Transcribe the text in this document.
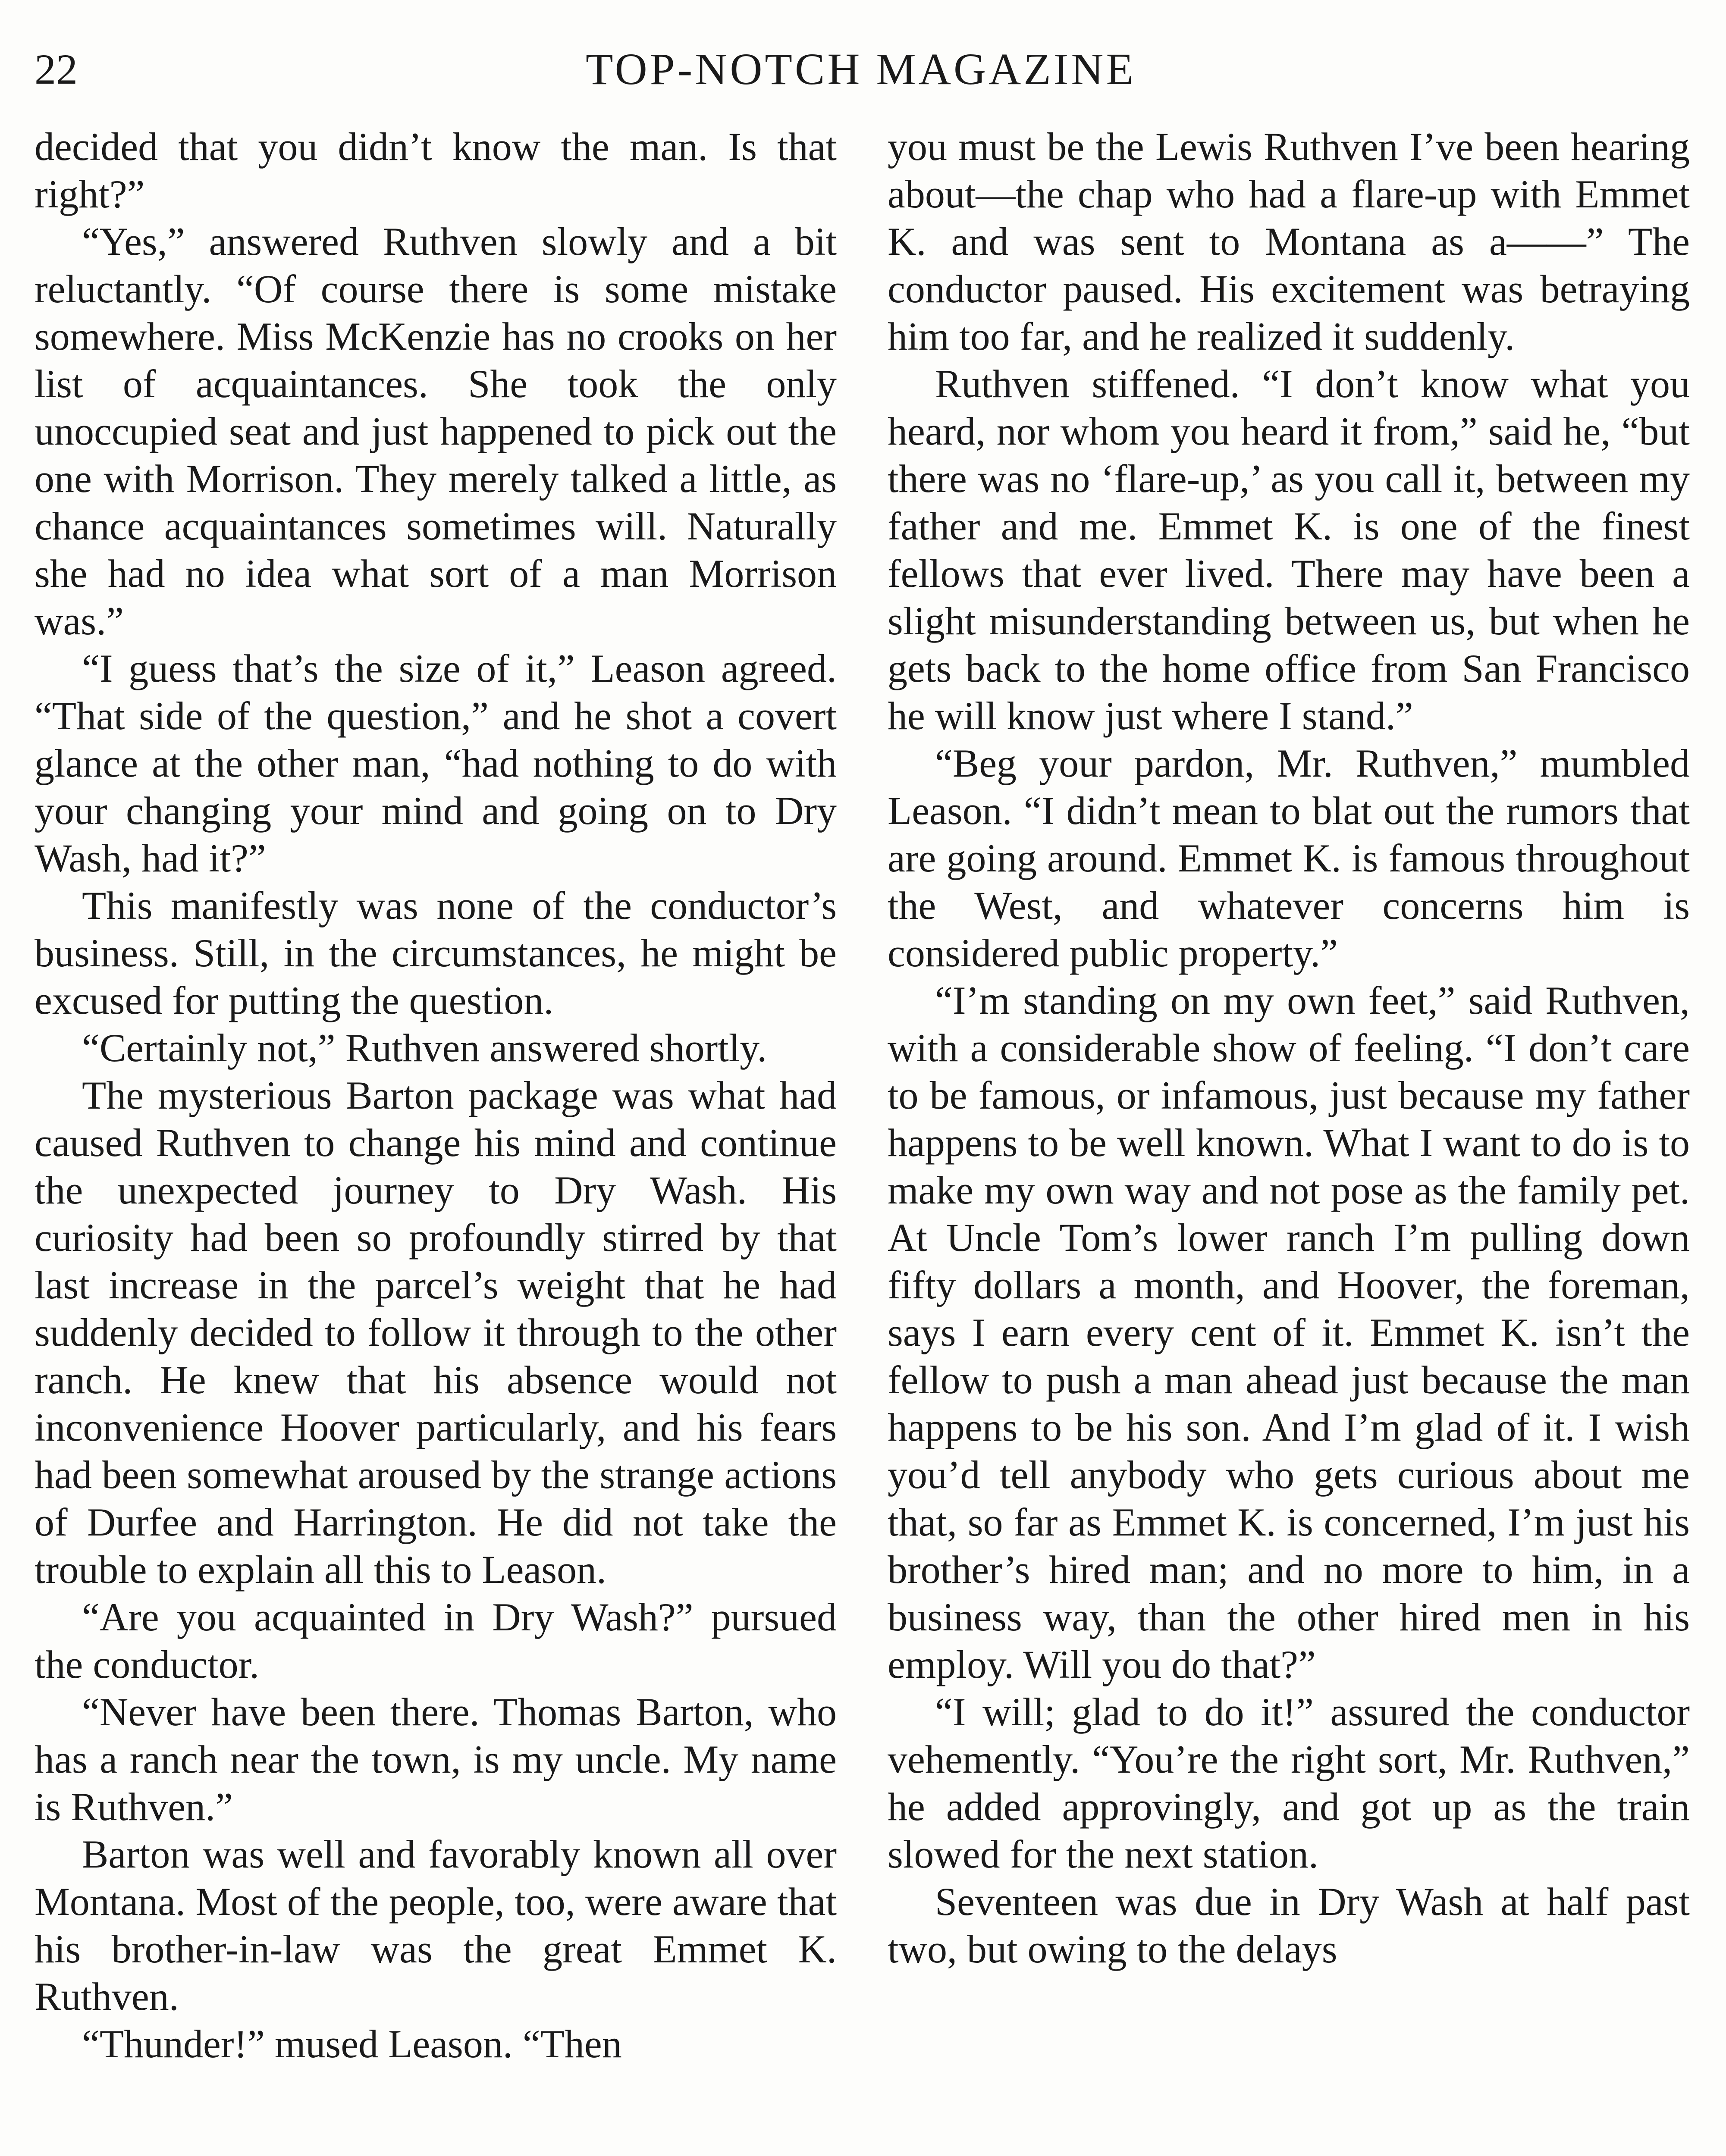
22	TOP-NOTCH MAGAZINE

decided that you didn’t know the man. Is that right?”

“Yes,” answered Ruthven slowly and a bit reluctantly. “Of course there is some mistake somewhere. Miss McKenzie has no crooks on her list of acquaintances. She took the only unoccupied seat and just happened to pick out the one with Morrison. They merely talked a little, as chance acquaintances sometimes will. Naturally she had no idea what sort of a man Morrison was.”

“I guess that’s the size of it,” Leason agreed. “That side of the question,” and he shot a covert glance at the other man, “had nothing to do with your changing your mind and going on to Dry Wash, had it?”

This manifestly was none of the conductor’s business. Still, in the circumstances, he might be excused for putting the question.

“Certainly not,” Ruthven answered shortly.

The mysterious Barton package was what had caused Ruthven to change his mind and continue the unexpected journey to Dry Wash. His curiosity had been so profoundly stirred by that last increase in the parcel’s weight that he had suddenly decided to follow it through to the other ranch. He knew that his absence would not inconvenience Hoover particularly, and his fears had been somewhat aroused by the strange actions of Durfee and Harrington. He did not take the trouble to explain all this to Leason.

“Are you acquainted in Dry Wash?” pursued the conductor.

“Never have been there. Thomas Barton, who has a ranch near the town, is my uncle. My name is Ruthven.”

Barton was well and favorably known all over Montana. Most of the people, too, were aware that his brother-in-law was the great Emmet K. Ruthven.

“Thunder!” mused Leason. “Then

you must be the Lewis Ruthven I’ve been hearing about—the chap who had a flare-up with Emmet K. and was sent to Montana as a——” The conductor paused. His excitement was betraying him too far, and he realized it suddenly.

Ruthven stiffened. “I don’t know what you heard, nor whom you heard it from,” said he, “but there was no ‘flare-up,’ as you call it, between my father and me. Emmet K. is one of the finest fellows that ever lived. There may have been a slight misunderstanding between us, but when he gets back to the home office from San Francisco he will know just where I stand.”

“Beg your pardon, Mr. Ruthven,” mumbled Leason. “I didn’t mean to blat out the rumors that are going around. Emmet K. is famous throughout the West, and whatever concerns him is considered public property.”

“I’m standing on my own feet,” said Ruthven, with a considerable show of feeling. “I don’t care to be famous, or infamous, just because my father happens to be well known. What I want to do is to make my own way and not pose as the family pet. At Uncle Tom’s lower ranch I’m pulling down fifty dollars a month, and Hoover, the foreman, says I earn every cent of it. Emmet K. isn’t the fellow to push a man ahead just because the man happens to be his son. And I’m glad of it. I wish you’d tell anybody who gets curious about me that, so far as Emmet K. is concerned, I’m just his brother’s hired man; and no more to him, in a business way, than the other hired men in his employ. Will you do that?”

“I will; glad to do it!” assured the conductor vehemently. “You’re the right sort, Mr. Ruthven,” he added approvingly, and got up as the train slowed for the next station.

Seventeen was due in Dry Wash at half past two, but owing to the delays
